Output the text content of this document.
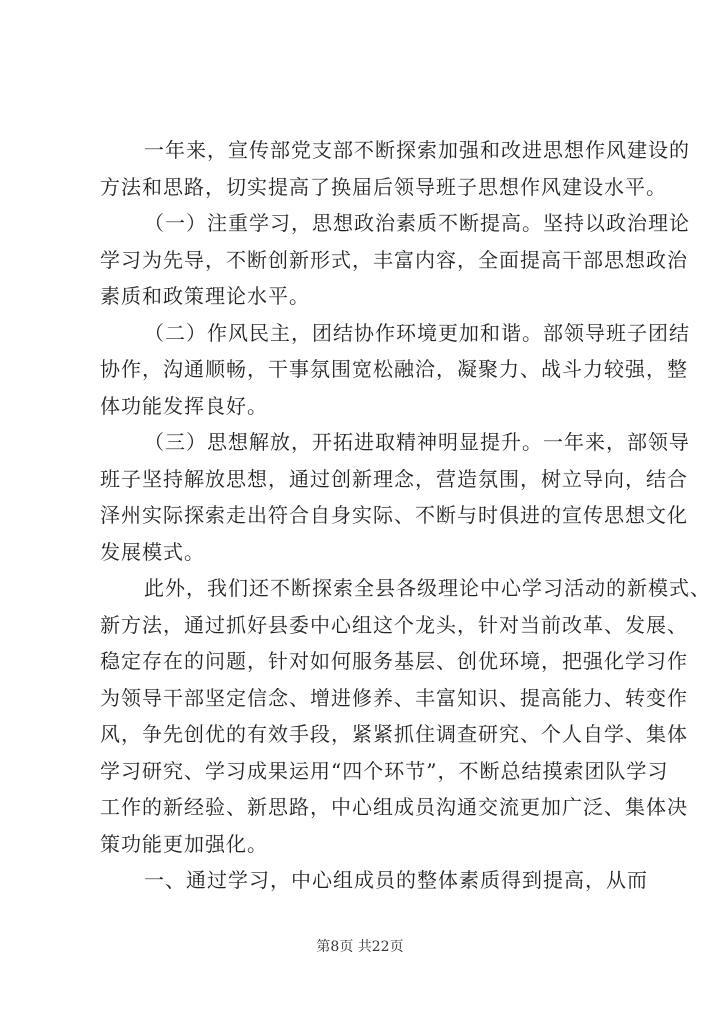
一年来，宣传部党支部不断探索加强和改进思想作风建设的
方法和思路，切实提高了换届后领导班子思想作风建设水平。
（一）注重学习，思想政治素质不断提高。坚持以政治理论
学习为先导，不断创新形式，丰富内容，全面提高干部思想政治
素质和政策理论水平。
（二）作风民主，团结协作环境更加和谐。部领导班子团结
协作，沟通顺畅，干事氛围宽松融洽，凝聚力、战斗力较强，整
体功能发挥良好。
（三）思想解放，开拓进取精神明显提升。一年来，部领导
班子坚持解放思想，通过创新理念，营造氛围，树立导向，结合
泽州实际探索走出符合自身实际、不断与时俱进的宣传思想文化
发展模式。
此外，我们还不断探索全县各级理论中心学习活动的新模式、
新方法，通过抓好县委中心组这个龙头，针对当前改革、发展、
稳定存在的问题，针对如何服务基层、创优环境，把强化学习作
为领导干部坚定信念、增进修养、丰富知识、提高能力、转变作
风，争先创优的有效手段，紧紧抓住调查研究、个人自学、集体
学习研究、学习成果运用“四个环节”，不断总结摸索团队学习
工作的新经验、新思路，中心组成员沟通交流更加广泛、集体决
策功能更加强化。
一、通过学习，中心组成员的整体素质得到提高，从而
第8页 共22页
